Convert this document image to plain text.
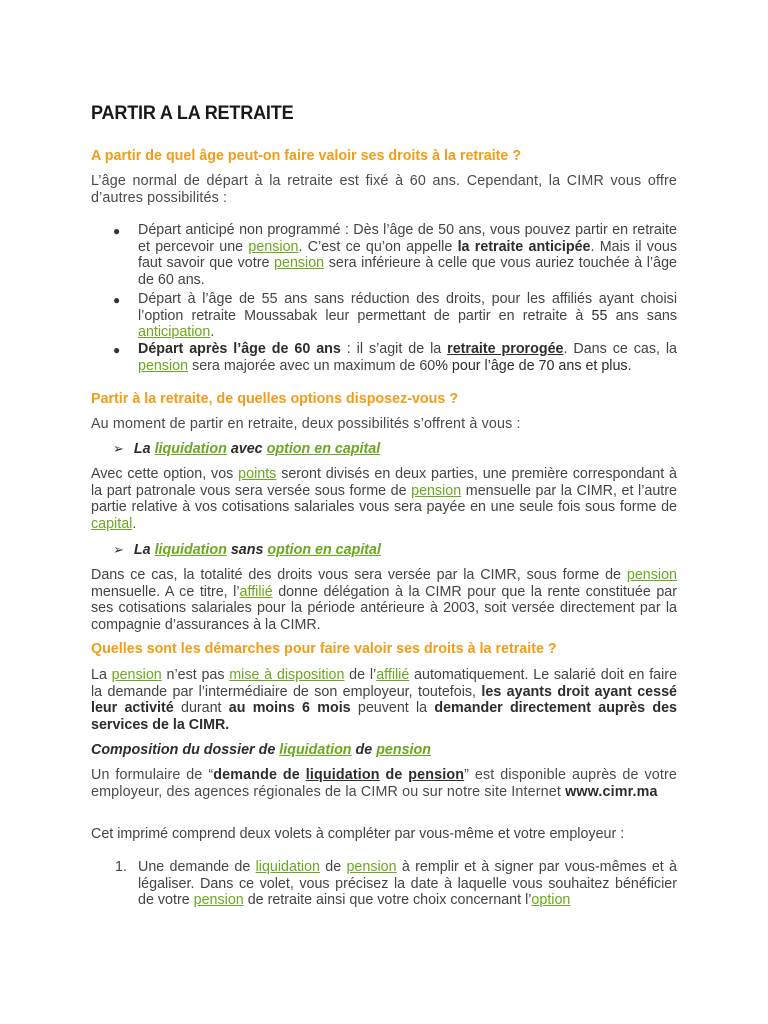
PARTIR A LA RETRAITE
A partir de quel âge peut-on faire valoir ses droits à la retraite ?
L’âge normal de départ à la retraite est fixé à 60 ans. Cependant, la CIMR vous offre d’autres possibilités :
● Départ anticipé non programmé : Dès l’âge de 50 ans, vous pouvez partir en retraite et percevoir une pension. C’est ce qu’on appelle la retraite anticipée. Mais il vous faut savoir que votre pension sera inférieure à celle que vous auriez touchée à l’âge de 60 ans.
● Départ à l’âge de 55 ans sans réduction des droits, pour les affiliés ayant choisi l’option retraite Moussabak leur permettant de partir en retraite à 55 ans sans anticipation.
● Départ après l’âge de 60 ans : il s’agit de la retraite prorogée. Dans ce cas, la pension sera majorée avec un maximum de 60% pour l’âge de 70 ans et plus.
Partir à la retraite, de quelles options disposez-vous ?
Au moment de partir en retraite, deux possibilités s’offrent à vous :
➢ La liquidation avec option en capital
Avec cette option, vos points seront divisés en deux parties, une première correspondant à la part patronale vous sera versée sous forme de pension mensuelle par la CIMR, et l’autre partie relative à vos cotisations salariales vous sera payée en une seule fois sous forme de capital.
➢ La liquidation sans option en capital
Dans ce cas, la totalité des droits vous sera versée par la CIMR, sous forme de pension mensuelle. A ce titre, l’affilié donne délégation à la CIMR pour que la rente constituée par ses cotisations salariales pour la période antérieure à 2003, soit versée directement par la compagnie d’assurances à la CIMR.
Quelles sont les démarches pour faire valoir ses droits à la retraite ?
La pension n’est pas mise à disposition de l’affilié automatiquement. Le salarié doit en faire la demande par l’intermédiaire de son employeur, toutefois, les ayants droit ayant cessé leur activité durant au moins 6 mois peuvent la demander directement auprès des services de la CIMR.
Composition du dossier de liquidation de pension
Un formulaire de “demande de liquidation de pension” est disponible auprès de votre employeur, des agences régionales de la CIMR ou sur notre site Internet www.cimr.ma
Cet imprimé comprend deux volets à compléter par vous-même et votre employeur :
1. Une demande de liquidation de pension à remplir et à signer par vous-mêmes et à légaliser. Dans ce volet, vous précisez la date à laquelle vous souhaitez bénéficier de votre pension de retraite ainsi que votre choix concernant l’option
